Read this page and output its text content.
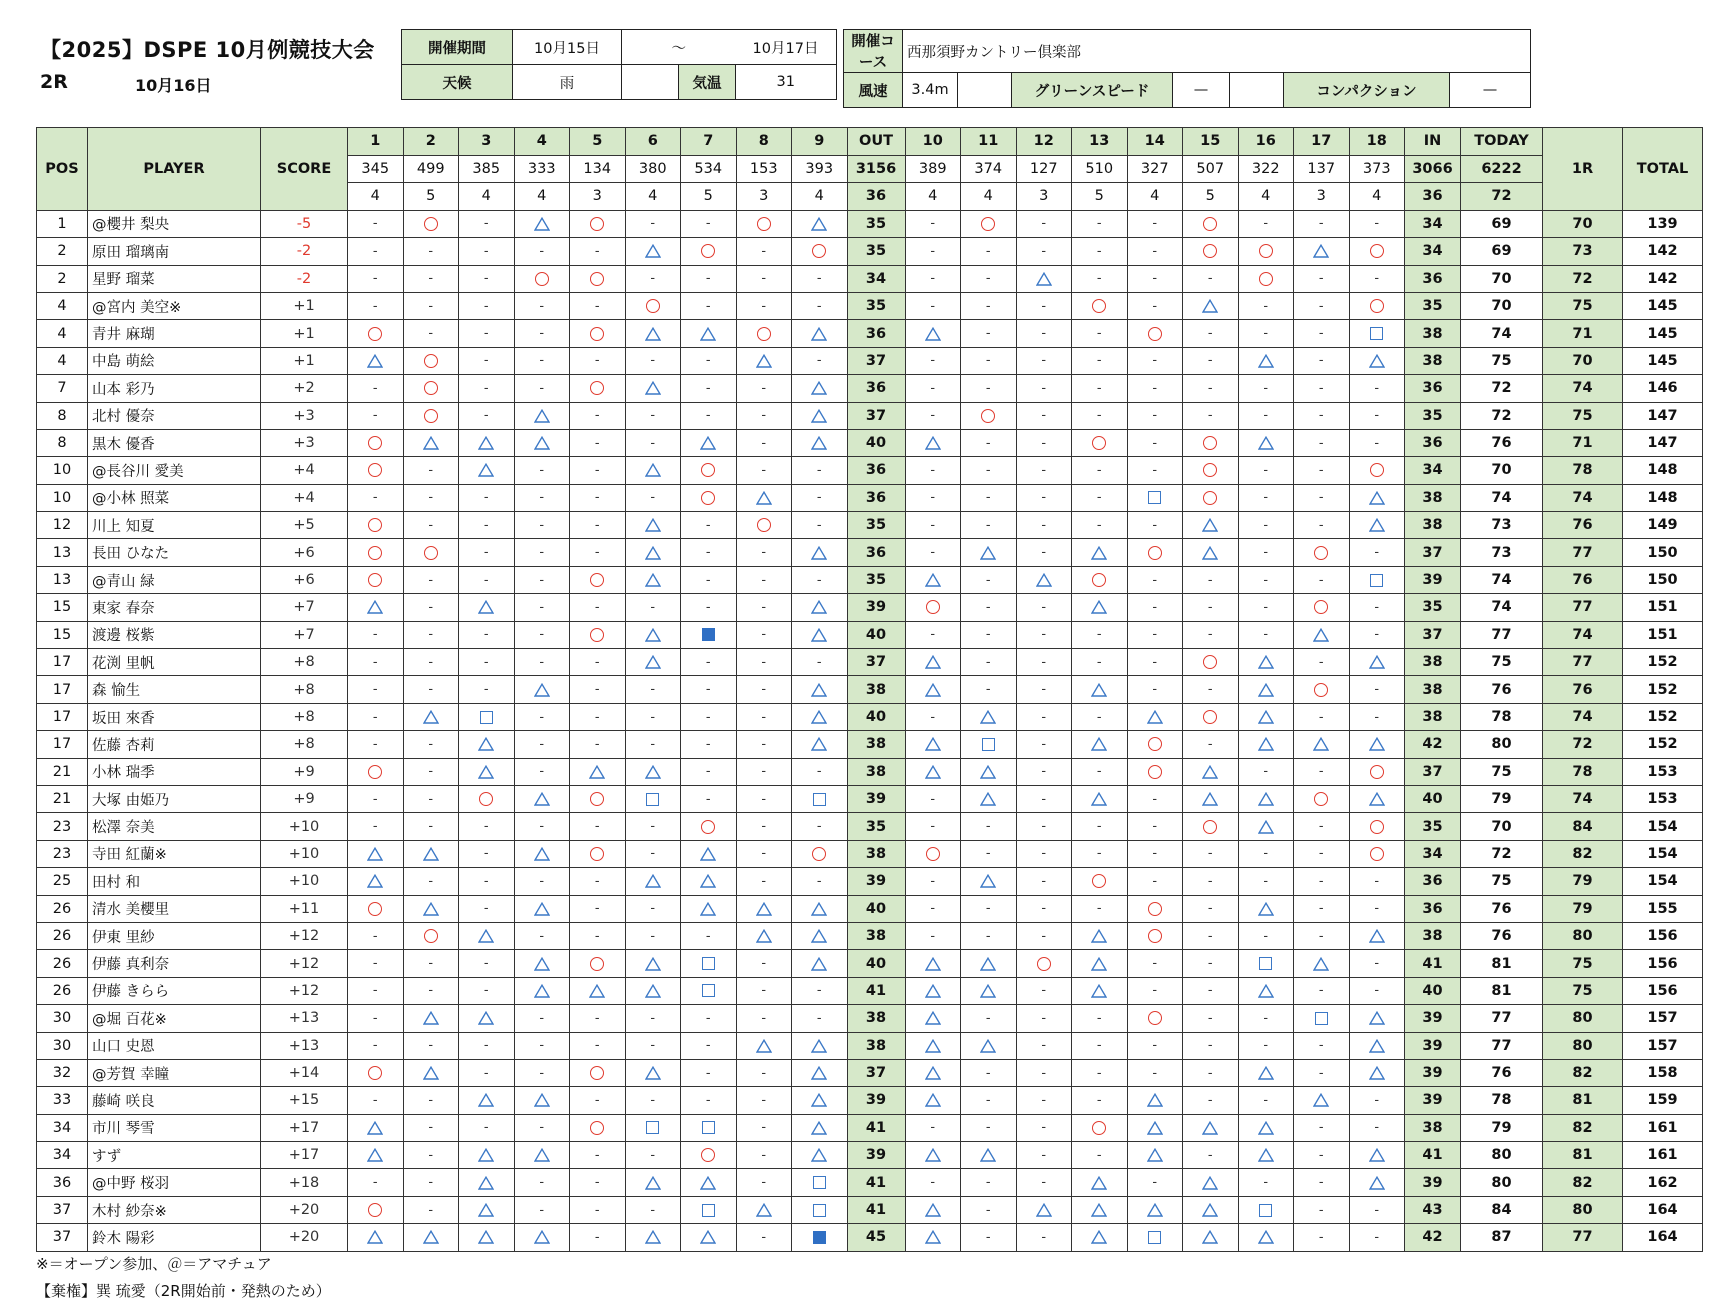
【2025】DSPE 10月例競技大会
2R	10月16日
開催期間	10月15日	〜		10月17日
天候	雨		気温	31
開催コース	西那須野カントリー倶楽部						
風速	3.4m		グリーンスピード	—		コンパクション	—
POS	PLAYER	SCORE	1	2	3	4	5	6	7	8	9	OUT	10	11	12	13	14	15	16	17	18	IN	TODAY	1R	TOTAL
			345	499	385	333	134	380	534	153	393	3156	389	374	127	510	327	507	322	137	373	3066	6222		
			4	5	4	4	3	4	5	3	4	36	4	4	3	5	4	5	4	3	4	36	72		
1	@櫻井 梨央	-5	-		-			-	-			35	-		-	-	-		-	-	-	34	69	70	139
2	原田 瑠璃南	-2	-	-	-	-	-			-		35	-	-	-	-	-					34	69	73	142
2	星野 瑠菜	-2	-	-	-			-	-	-	-	34	-	-		-	-	-		-	-	36	70	72	142
4	@宮内 美空※	+1	-	-	-	-	-		-	-	-	35	-	-	-		-		-	-		35	70	75	145
4	青井 麻瑚	+1		-	-	-						36		-	-	-		-	-	-		38	74	71	145
4	中島 萌絵	+1			-	-	-	-	-		-	37	-	-	-	-	-	-		-		38	75	70	145
7	山本 彩乃	+2	-		-	-			-	-		36	-	-	-	-	-	-	-	-	-	36	72	74	146
8	北村 優奈	+3	-		-		-	-	-	-		37	-		-	-	-	-	-	-	-	35	72	75	147
8	黒木 優香	+3					-	-		-		40		-	-		-			-	-	36	76	71	147
10	@長谷川 愛美	+4		-		-	-			-	-	36	-	-	-	-	-		-	-		34	70	78	148
10	@小林 照菜	+4	-	-	-	-	-	-			-	36	-	-	-	-			-	-		38	74	74	148
12	川上 知夏	+5		-	-	-	-		-		-	35	-	-	-	-	-		-	-		38	73	76	149
13	長田 ひなた	+6			-	-	-		-	-		36	-		-				-		-	37	73	77	150
13	@青山 緑	+6		-	-	-			-	-	-	35		-			-	-	-	-		39	74	76	150
15	東家 春奈	+7		-		-	-	-	-	-		39		-	-		-	-	-		-	35	74	77	151
15	渡邊 桜紫	+7	-	-	-	-				-		40	-	-	-	-	-	-	-		-	37	77	74	151
17	花渕 里帆	+8	-	-	-	-	-		-	-	-	37		-	-	-	-			-		38	75	77	152
17	森 愉生	+8	-	-	-		-	-	-	-		38		-	-		-	-			-	38	76	76	152
17	坂田 來香	+8	-			-	-	-	-	-		40	-		-	-				-	-	38	78	74	152
17	佐藤 杏莉	+8	-	-		-	-	-	-	-		38			-			-				42	80	72	152
21	小林 瑞季	+9		-		-			-	-	-	38			-	-			-	-		37	75	78	153
21	大塚 由姫乃	+9	-	-					-	-		39	-		-		-					40	79	74	153
23	松澤 奈美	+10	-	-	-	-	-	-		-	-	35	-	-	-	-	-			-		35	70	84	154
23	寺田 紅蘭※	+10			-			-		-		38		-	-	-	-	-	-	-		34	72	82	154
25	田村 和	+10		-	-	-	-			-	-	39	-		-		-	-	-	-	-	36	75	79	154
26	清水 美櫻里	+11			-		-	-				40	-	-	-	-		-		-	-	36	76	79	155
26	伊東 里紗	+12	-			-	-	-	-			38	-	-	-			-	-	-		38	76	80	156
26	伊藤 真利奈	+12	-	-	-					-		40					-	-			-	41	81	75	156
26	伊藤 きらら	+12	-	-	-					-	-	41			-		-	-		-	-	40	81	75	156
30	@堀 百花※	+13	-			-	-	-	-	-	-	38		-	-	-		-	-			39	77	80	157
30	山口 史恩	+13	-	-	-	-	-	-	-			38			-	-	-	-	-	-		39	77	80	157
32	@芳賀 幸瞳	+14			-	-			-	-		37		-	-	-	-	-		-		39	76	82	158
33	藤崎 咲良	+15	-	-			-	-	-	-		39		-	-	-		-	-		-	39	78	81	159
34	市川 琴雪	+17		-	-	-				-		41	-	-	-					-	-	38	79	82	161
34	すず	+17		-			-	-		-		39			-	-		-		-		41	80	81	161
36	@中野 桜羽	+18	-	-		-	-			-		41	-	-	-		-		-	-		39	80	82	162
37	木村 紗奈※	+20		-		-	-	-				41		-						-	-	43	84	80	164
37	鈴木 陽彩	+20					-			-		45		-	-					-	-	42	87	77	164
※＝オープン参加、＠＝アマチュア
【棄権】巽 琉愛（2R開始前・発熱のため）
